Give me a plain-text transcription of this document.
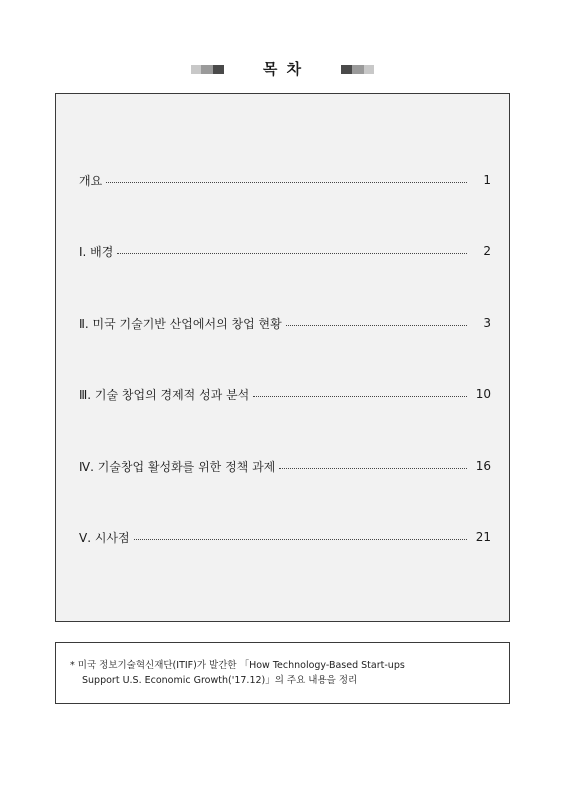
목 차
개요	1
Ⅰ. 배경	2
Ⅱ. 미국 기술기반 산업에서의 창업 현황	3
Ⅲ. 기술 창업의 경제적 성과 분석	10
Ⅳ. 기술창업 활성화를 위한 정책 과제	16
Ⅴ. 시사점	21
* 미국 정보기술혁신재단(ITIF)가 발간한 「How Technology-Based Start-ups
Support U.S. Economic Growth('17.12)」의 주요 내용을 정리
